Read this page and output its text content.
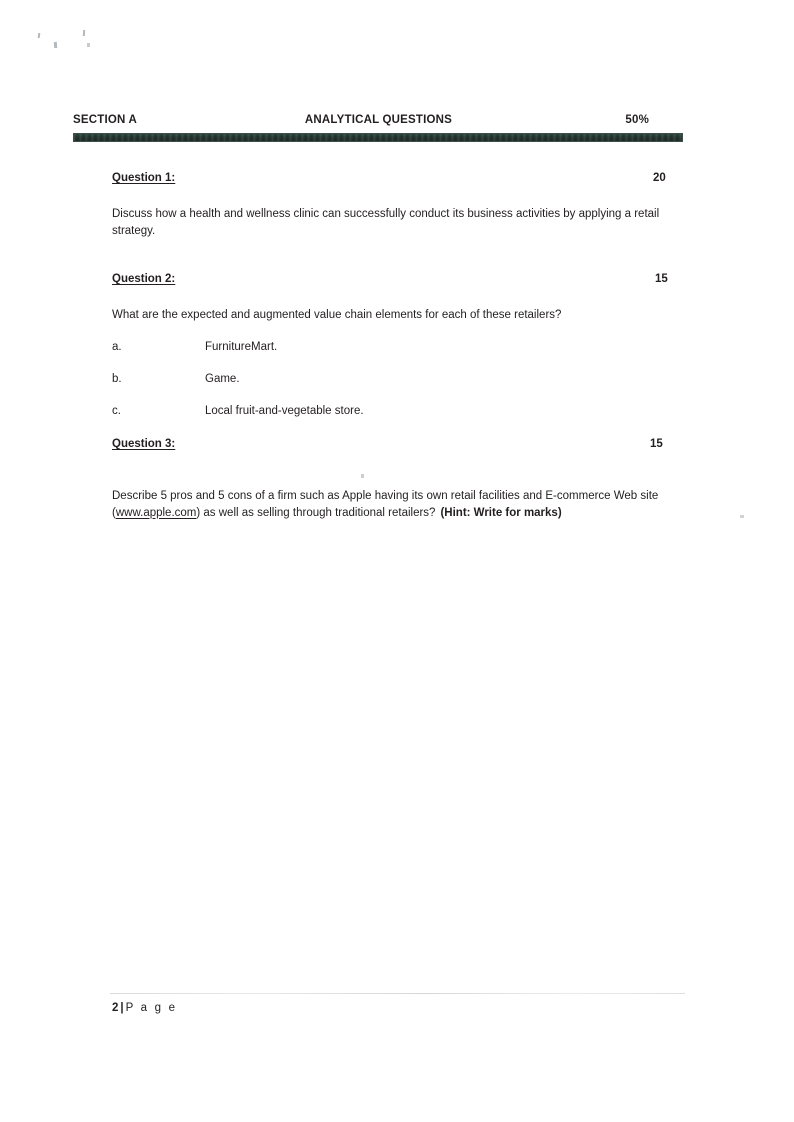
SECTION A	ANALYTICAL QUESTIONS	50%
Question 1:	20
Discuss how a health and wellness clinic can successfully conduct its business activities by applying a retail strategy.
Question 2:	15
What are the expected and augmented value chain elements for each of these retailers?
a.	FurnitureMart.
b.	Game.
c.	Local fruit-and-vegetable store.
Question 3:	15
Describe 5 pros and 5 cons of a firm such as Apple having its own retail facilities and E-commerce Web site (www.apple.com) as well as selling through traditional retailers? (Hint: Write for marks)
2 | P a g e
